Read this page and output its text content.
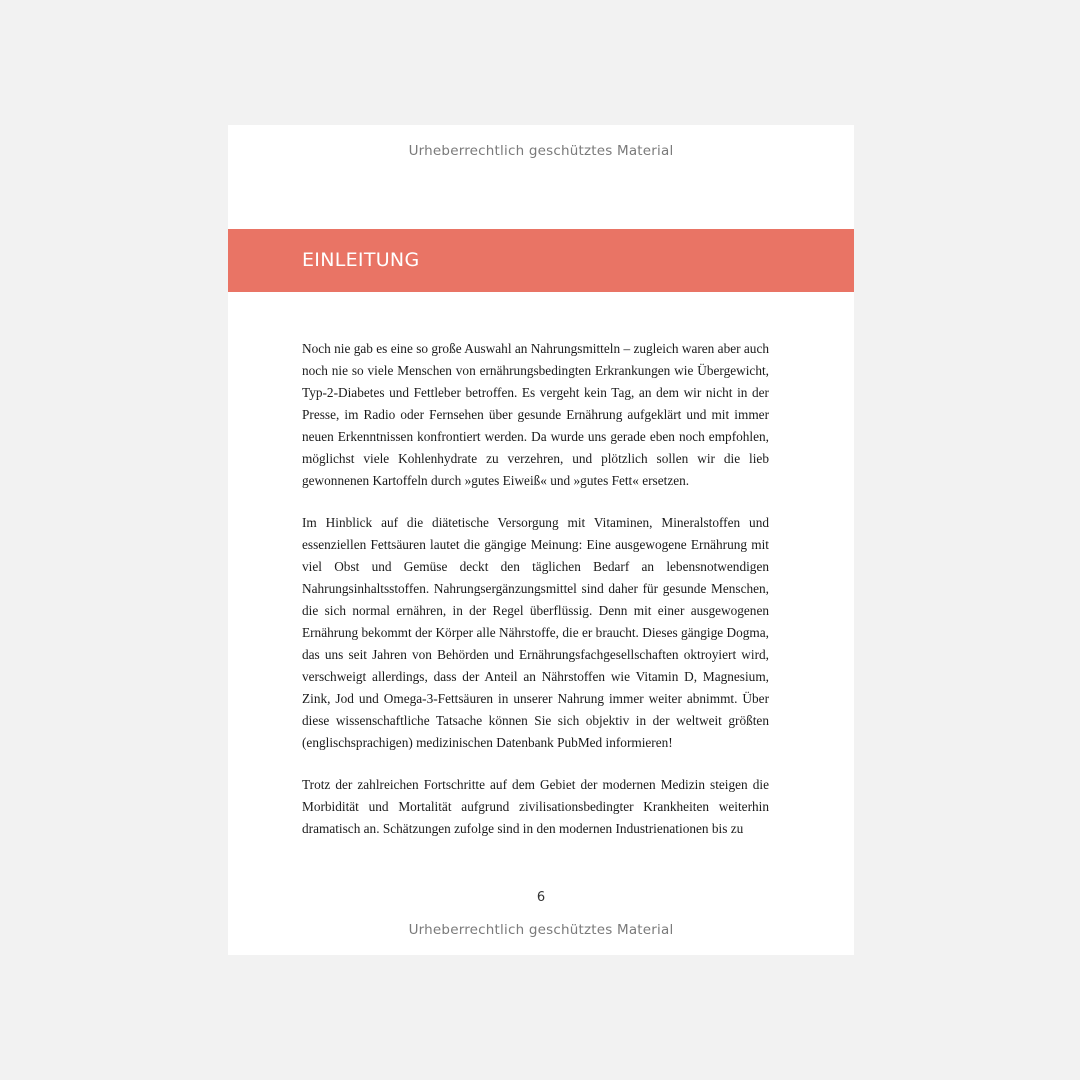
Urheberrechtlich geschütztes Material
EINLEITUNG

Noch nie gab es eine so große Auswahl an Nahrungsmitteln – zugleich waren aber auch noch nie so viele Menschen von ernährungsbedingten Erkrankungen wie Übergewicht, Typ-2-Diabetes und Fettleber betroffen. Es vergeht kein Tag, an dem wir nicht in der Presse, im Radio oder Fernsehen über gesunde Ernährung aufgeklärt und mit immer neuen Erkenntnissen konfrontiert werden. Da wurde uns gerade eben noch empfohlen, möglichst viele Kohlenhydrate zu verzehren, und plötzlich sollen wir die lieb gewonnenen Kartoffeln durch »gutes Eiweiß« und »gutes Fett« ersetzen.

Im Hinblick auf die diätetische Versorgung mit Vitaminen, Mineralstoffen und essenziellen Fettsäuren lautet die gängige Meinung: Eine ausgewogene Ernährung mit viel Obst und Gemüse deckt den täglichen Bedarf an lebensnotwendigen Nahrungsinhaltsstoffen. Nahrungsergänzungsmittel sind daher für gesunde Menschen, die sich normal ernähren, in der Regel überflüssig. Denn mit einer ausgewogenen Ernährung bekommt der Körper alle Nährstoffe, die er braucht. Dieses gängige Dogma, das uns seit Jahren von Behörden und Ernährungsfachgesellschaften oktroyiert wird, verschweigt allerdings, dass der Anteil an Nährstoffen wie Vitamin D, Magnesium, Zink, Jod und Omega-3-Fettsäuren in unserer Nahrung immer weiter abnimmt. Über diese wissenschaftliche Tatsache können Sie sich objektiv in der weltweit größten (englischsprachigen) medizinischen Datenbank PubMed informieren!

Trotz der zahlreichen Fortschritte auf dem Gebiet der modernen Medizin steigen die Morbidität und Mortalität aufgrund zivilisationsbedingter Krankheiten weiterhin dramatisch an. Schätzungen zufolge sind in den modernen Industrienationen bis zu

6
Urheberrechtlich geschütztes Material
